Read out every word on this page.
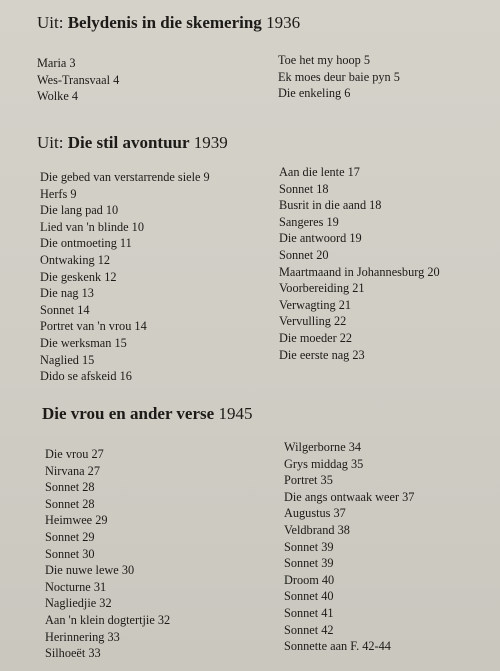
Uit: Belydenis in die skemering 1936
Maria 3
Wes-Transvaal 4
Wolke 4
Toe het my hoop 5
Ek moes deur baie pyn 5
Die enkeling 6
Uit: Die stil avontuur 1939
Die gebed van verstarrende siele 9
Herfs 9
Die lang pad 10
Lied van 'n blinde 10
Die ontmoeting 11
Ontwaking 12
Die geskenk 12
Die nag 13
Sonnet 14
Portret van 'n vrou 14
Die werksman 15
Naglied 15
Dido se afskeid 16
Aan die lente 17
Sonnet 18
Busrit in die aand 18
Sangeres 19
Die antwoord 19
Sonnet 20
Maartmaand in Johannesburg 20
Voorbereiding 21
Verwagting 21
Vervulling 22
Die moeder 22
Die eerste nag 23
Die vrou en ander verse 1945
Die vrou 27
Nirvana 27
Sonnet 28
Sonnet 28
Heimwee 29
Sonnet 29
Sonnet 30
Die nuwe lewe 30
Nocturne 31
Nagliedjie 32
Aan 'n klein dogtertjie 32
Herinnering 33
Silhoeët 33
Wilgerborne 34
Grys middag 35
Portret 35
Die angs ontwaak weer 37
Augustus 37
Veldbrand 38
Sonnet 39
Sonnet 39
Droom 40
Sonnet 40
Sonnet 41
Sonnet 42
Sonnette aan F. 42-44
